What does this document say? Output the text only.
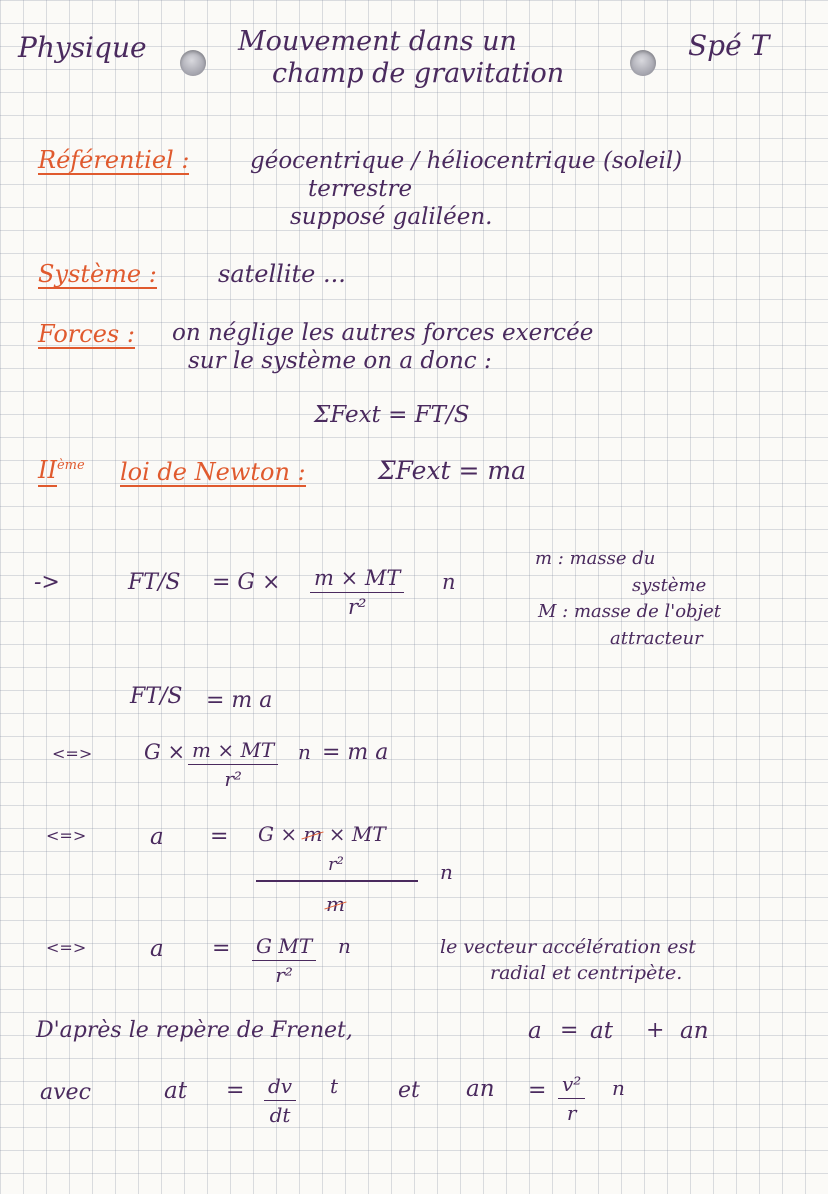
Physique	Mouvement dans un
champ de gravitation
Spé T
Référentiel :	géocentrique / héliocentrique (soleil)
terrestre
supposé galiléen.
Système :	satellite ...
Forces : on néglige les autres forces exercée
sur le système on a donc :
ΣFext = FT/S
IIème loi de Newton :	ΣFext = ma
->	$FT/S = G \times \frac{m \times MT}{\text{r²}}$ n
m : masse du
système
M : masse de l'objet
attracteur
FT/S = m a
<=> $G \times \frac{m \times MT}{\text{r²}}$ n = m a
<=>	a = G × m × MT
r²	n
m
<=>	$a = \frac{\text{G MT}}{\text{r²}}$ n	le vecteur accélération est
radial et centripète.
D'après le repère de Frenet,	a = at + an
avec	at = $\frac{dv}{dt}$ t	et an = $\frac{\text{v²}}{r}$ n
